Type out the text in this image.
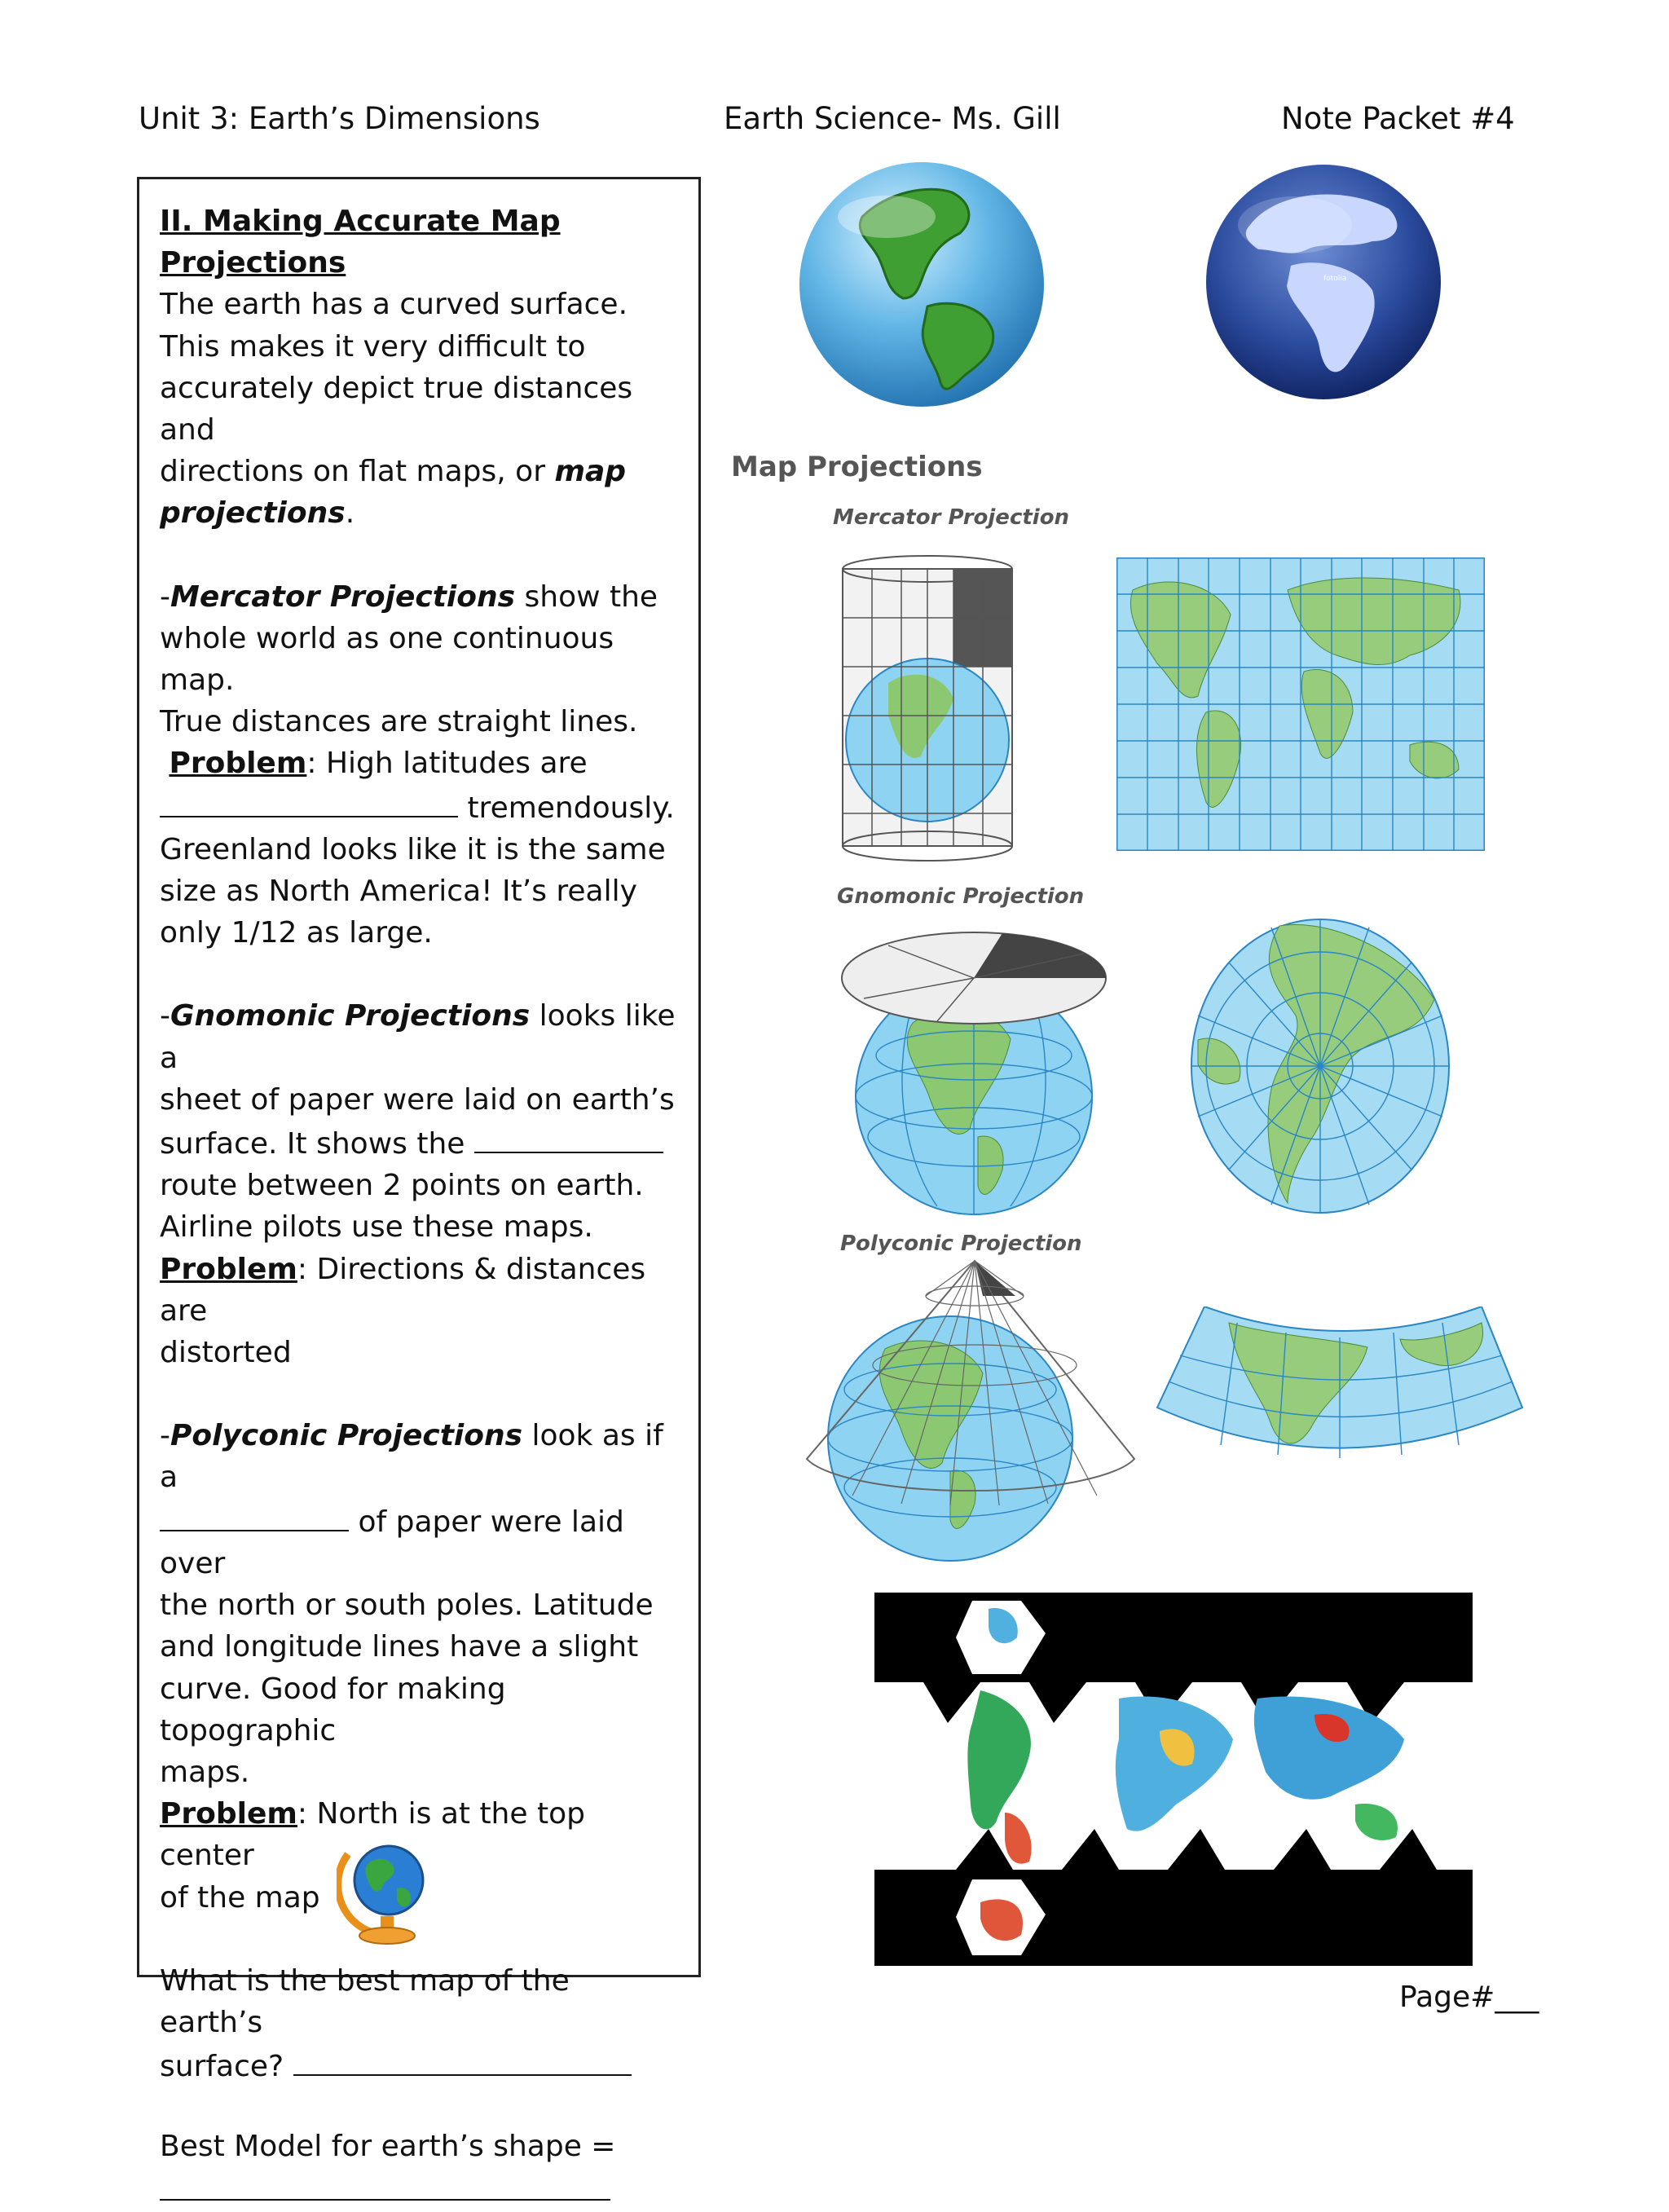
Unit 3: Earth’s Dimensions	Earth Science- Ms. Gill	Note Packet #4

II. Making Accurate Map

Projections

The earth has a curved surface.

This makes it very difficult to

accurately depict true distances and

directions on flat maps, or map

projections.

-Mercator Projections show the

whole world as one continuous map.

True distances are straight lines.

Problem: High latitudes are

tremendously.

Greenland looks like it is the same

size as North America! It’s really

only 1/12 as large.

-Gnomonic Projections looks like a

sheet of paper were laid on earth’s

surface. It shows the

route between 2 points on earth.

Airline pilots use these maps.

Problem: Directions & distances are

distorted

-Polyconic Projections look as if a

of paper were laid over

the north or south poles. Latitude

and longitude lines have a slight

curve. Good for making topographic

maps.

Problem: North is at the top center

of the map

What is the best map of the earth’s

surface?

Best Model for earth’s shape =

fotolia
Map Projections
Mercator Projection
Gnomonic Projection
Polyconic Projection
Page#___
